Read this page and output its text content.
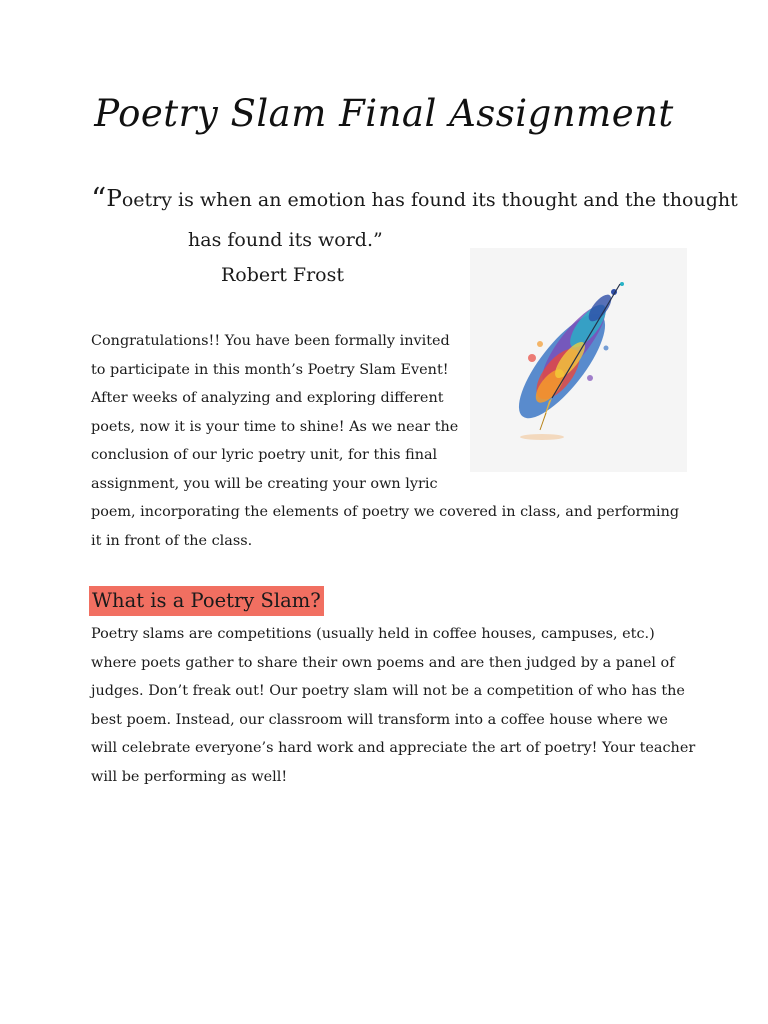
Poetry Slam Final Assignment
“Poetry is when an emotion has found its thought and the thought
has found its word.”
Robert Frost
Congratulations!! You have been formally invited
to participate in this month’s Poetry Slam Event!
After weeks of analyzing and exploring different
poets, now it is your time to shine! As we near the
conclusion of our lyric poetry unit, for this final
assignment, you will be creating your own lyric
poem, incorporating the elements of poetry we covered in class, and performing
it in front of the class.
What is a Poetry Slam?
Poetry slams are competitions (usually held in coffee houses, campuses, etc.)
where poets gather to share their own poems and are then judged by a panel of
judges. Don’t freak out! Our poetry slam will not be a competition of who has the
best poem. Instead, our classroom will transform into a coffee house where we
will celebrate everyone’s hard work and appreciate the art of poetry! Your teacher
will be performing as well!
